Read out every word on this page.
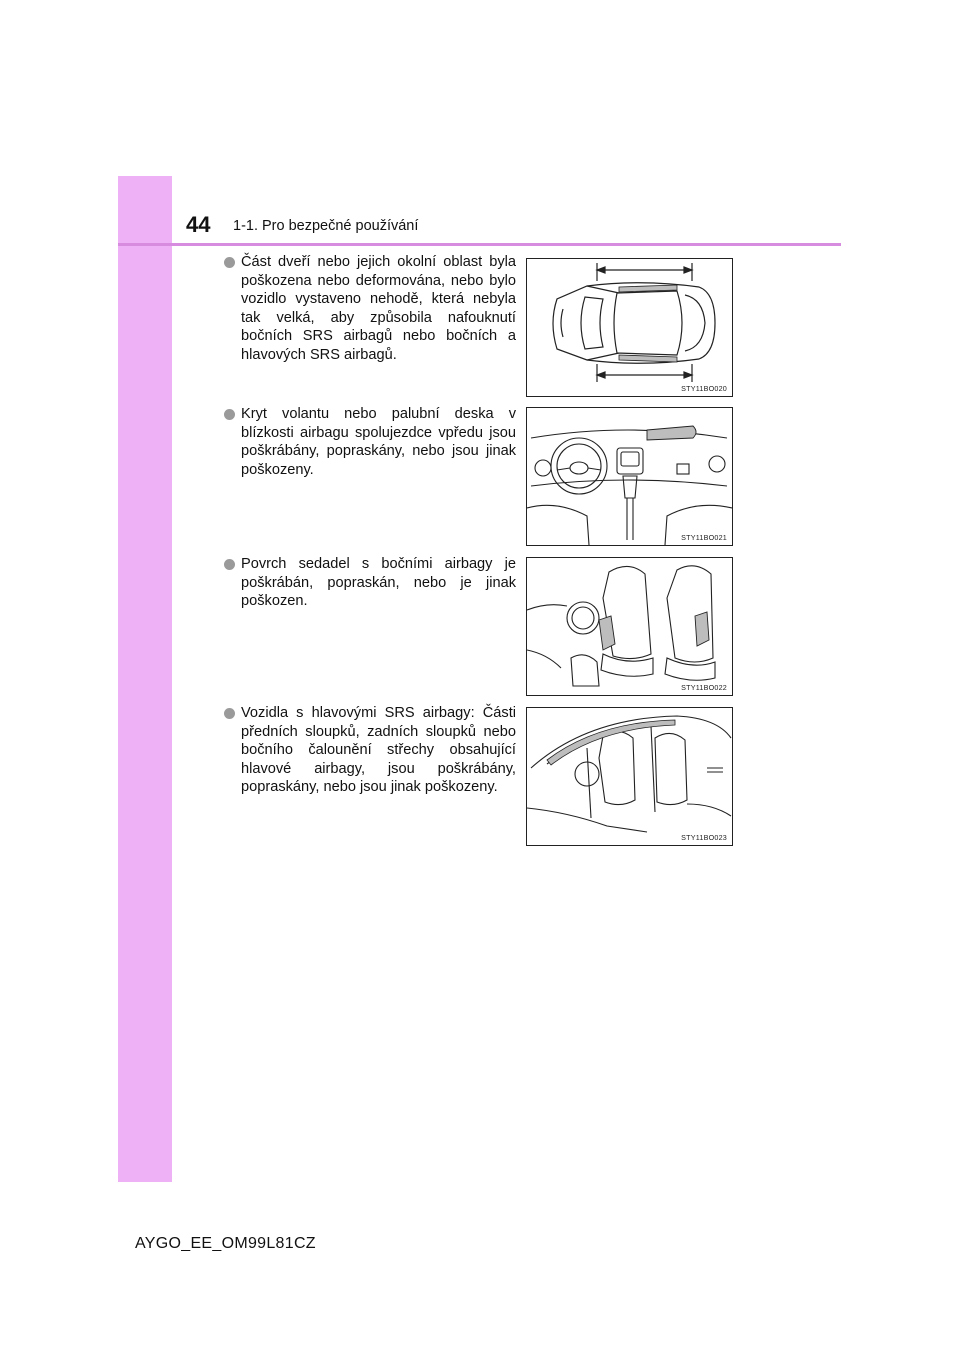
44 1-1. Pro bezpečné používání
Část dveří nebo jejich okolní oblast byla poškozena nebo deformována, nebo bylo vozidlo vystaveno nehodě, která nebyla tak velká, aby způsobila nafouknutí bočních SRS airbagů nebo bočních a hlavových SRS airbagů.
STY11BO020
Kryt volantu nebo palubní deska v blízkosti airbagu spolujezdce vpředu jsou poškrábány, popraskány, nebo jsou jinak poškozeny.
STY11BO021
Povrch sedadel s bočními airbagy je poškrábán, popraskán, nebo je jinak poškozen.
STY11BO022
Vozidla s hlavovými SRS airbagy: Části předních sloupků, zadních sloupků nebo bočního čalounění střechy obsahující hlavové airbagy, jsou poškrábány, popraskány, nebo jsou jinak poškozeny.
STY11BO023
AYGO_EE_OM99L81CZ
